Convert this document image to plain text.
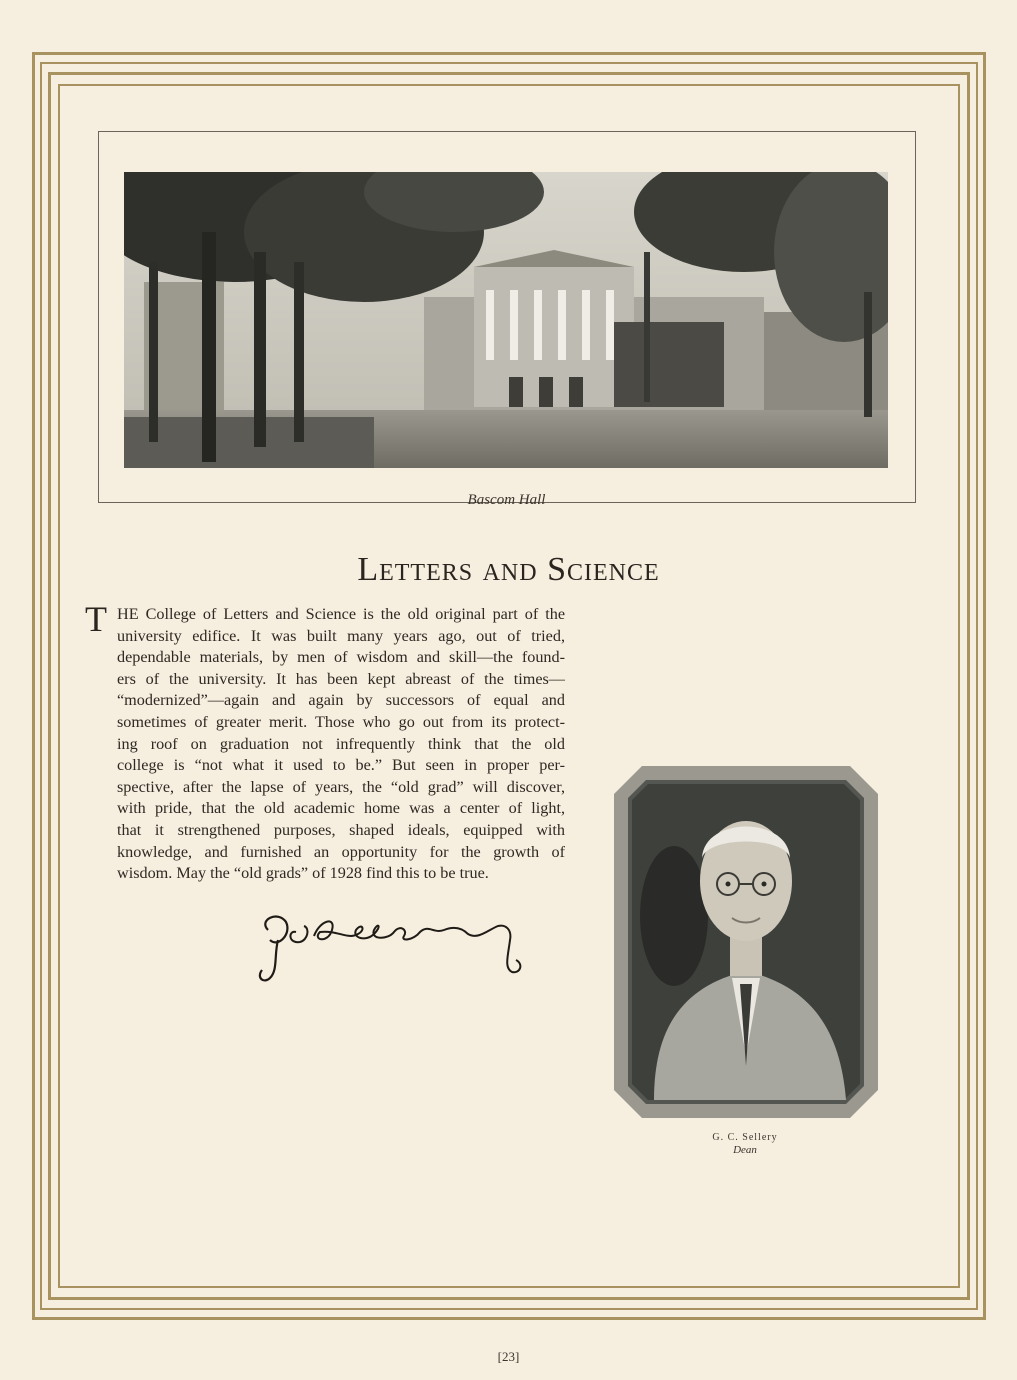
Bascom Hall
Letters and Science
T HE College of Letters and Science is the old original part of the
university edifice. It was built many years ago, out of tried,
dependable materials, by men of wisdom and skill—the found-
ers of the university. It has been kept abreast of the times—
“modernized”—again and again by successors of equal and
sometimes of greater merit. Those who go out from its protect-
ing roof on graduation not infrequently think that the old
college is “not what it used to be.” But seen in proper per-
spective, after the lapse of years, the “old grad” will discover,
with pride, that the old academic home was a center of light,
that it strengthened purposes, shaped ideals, equipped with
knowledge, and furnished an opportunity for the growth of
wisdom. May the “old grads” of 1928 find this to be true.
G. C. Sellery
Dean
[23]
